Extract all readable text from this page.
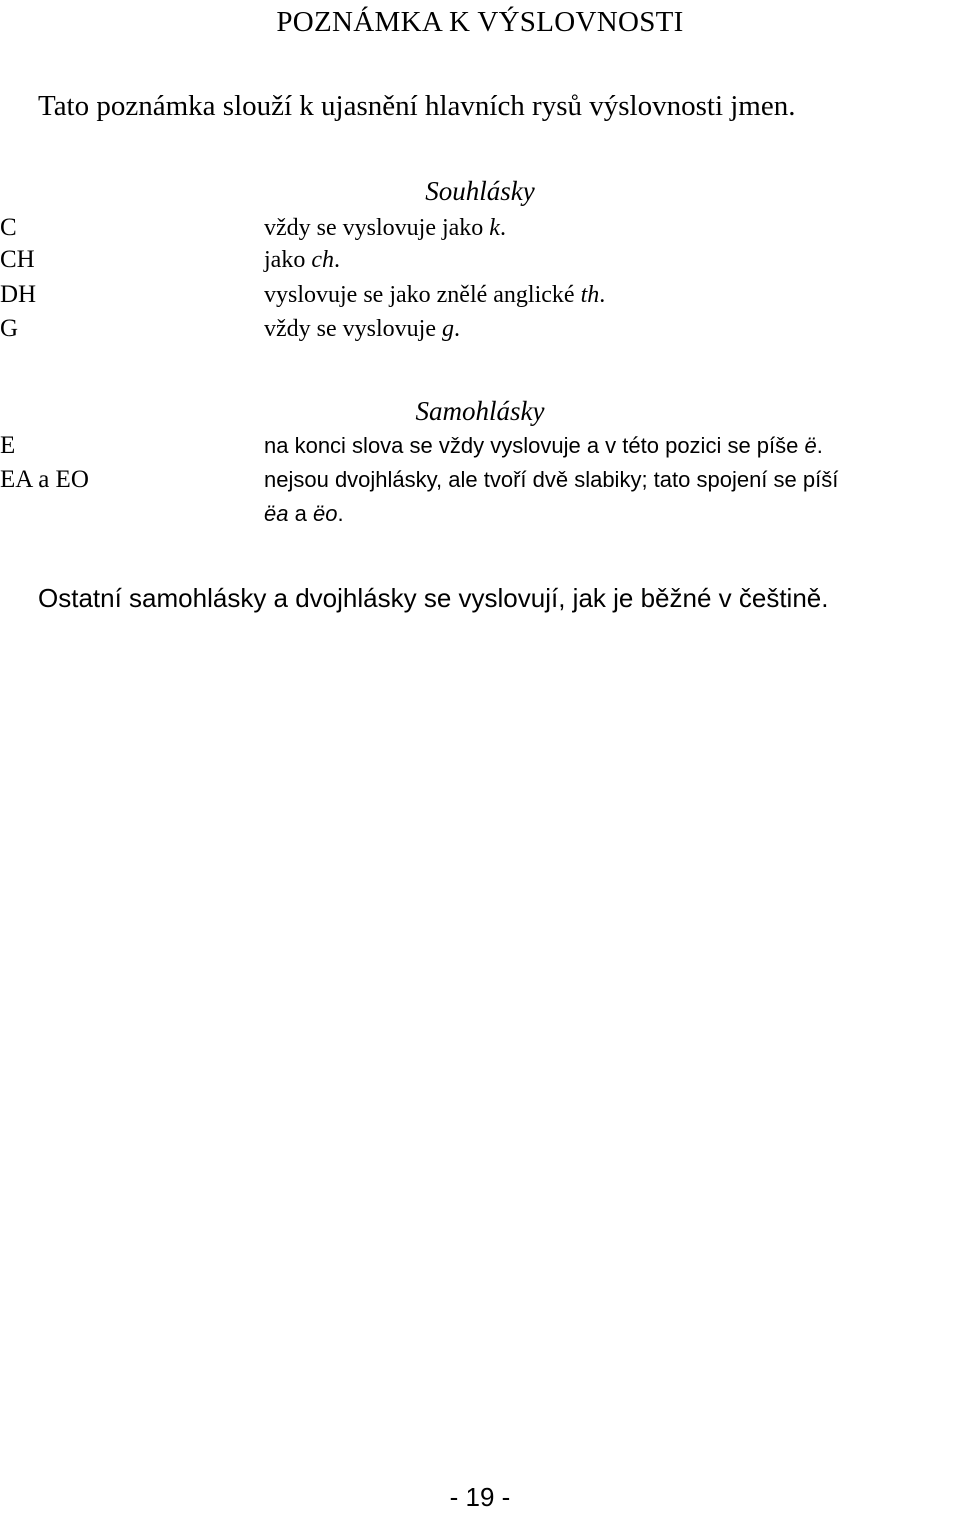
POZNÁMKA K VÝSLOVNOSTI
Tato poznámka slouží k ujasnění hlavních rysů výslovnosti jmen.
Souhlásky
C	vždy se vyslovuje jako k.
CH	jako ch.
DH	vyslovuje se jako znělé anglické th.
G	vždy se vyslovuje g.
Samohlásky
E	na konci slova se vždy vyslovuje a v této pozici se píše ë.
EA a EO	nejsou dvojhlásky, ale tvoří dvě slabiky; tato spojení se píší
ëa a ëo.
Ostatní samohlásky a dvojhlásky se vyslovují, jak je běžné v češtině.
- 19 -
